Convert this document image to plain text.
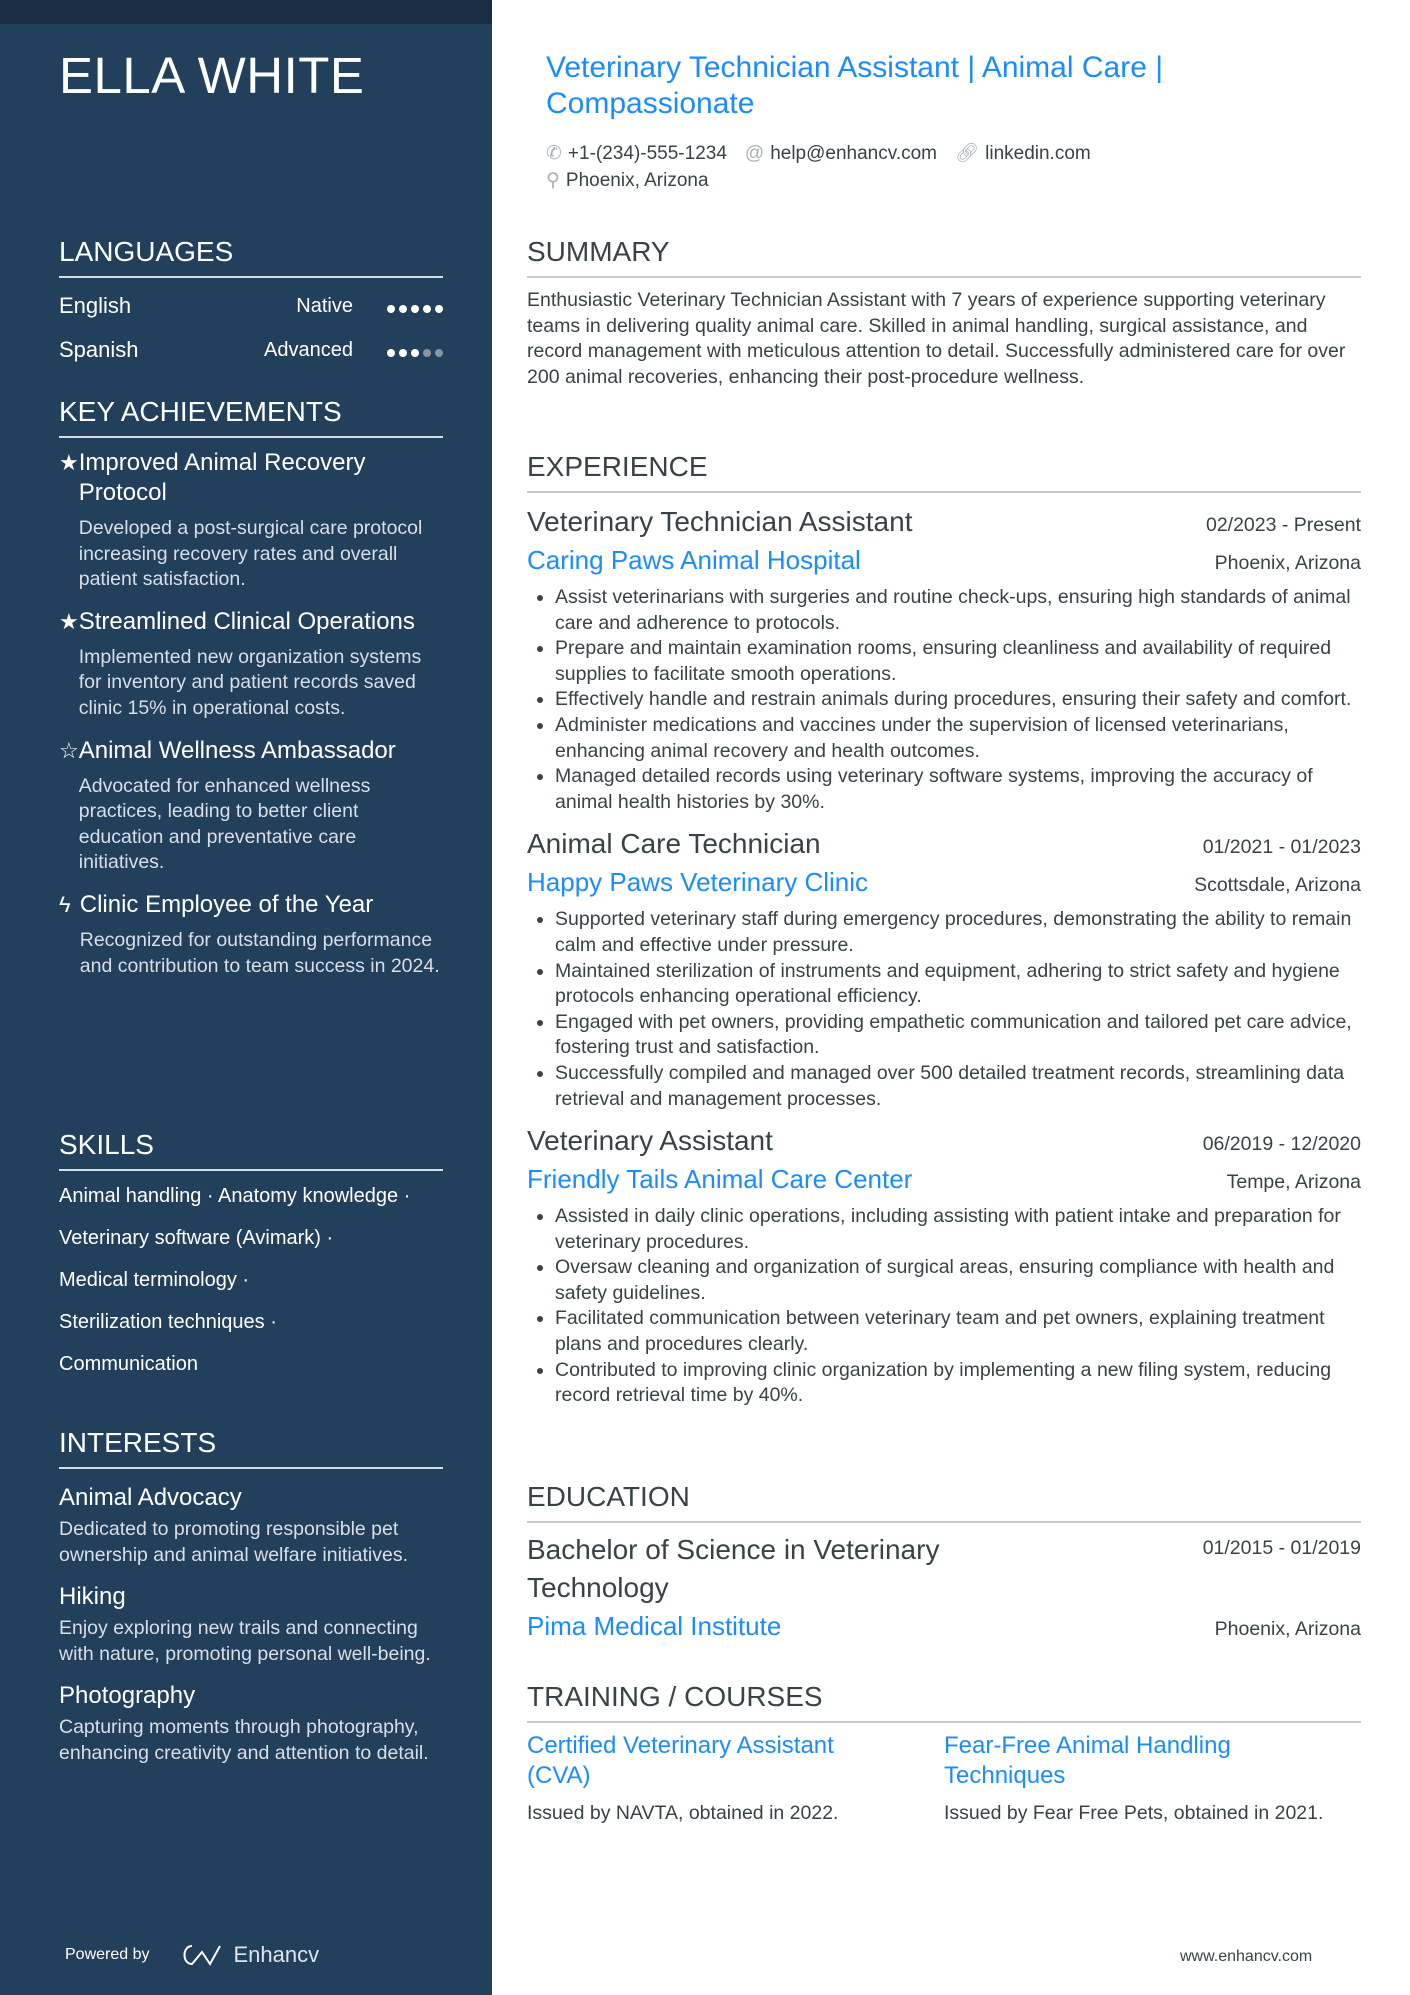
ELLA WHITE
LANGUAGES
English	Native
Spanish	Advanced
KEY ACHIEVEMENTS
★ Improved Animal Recovery Protocol
Developed a post-surgical care protocol increasing recovery rates and overall patient satisfaction.
★ Streamlined Clinical Operations
Implemented new organization systems for inventory and patient records saved clinic 15% in operational costs.
☆ Animal Wellness Ambassador
Advocated for enhanced wellness practices, leading to better client education and preventative care initiatives.
ϟ Clinic Employee of the Year
Recognized for outstanding performance and contribution to team success in 2024.
SKILLS
Animal handling · Anatomy knowledge ·
Veterinary software (Avimark) ·
Medical terminology ·
Sterilization techniques ·
Communication
INTERESTS
Animal Advocacy
Dedicated to promoting responsible pet ownership and animal welfare initiatives.
Hiking
Enjoy exploring new trails and connecting with nature, promoting personal well-being.
Photography
Capturing moments through photography, enhancing creativity and attention to detail.
Powered by	Enhancv
Veterinary Technician Assistant | Animal Care | Compassionate
✆ +1-(234)-555-1234 @ help@enhancv.com 🔗︎ linkedin.com
⚲ Phoenix, Arizona
SUMMARY
Enthusiastic Veterinary Technician Assistant with 7 years of experience supporting veterinary teams in delivering quality animal care. Skilled in animal handling, surgical assistance, and record management with meticulous attention to detail. Successfully administered care for over 200 animal recoveries, enhancing their post-procedure wellness.
EXPERIENCE
Veterinary Technician Assistant	02/2023 - Present
Caring Paws Animal Hospital	Phoenix, Arizona
• Assist veterinarians with surgeries and routine check-ups, ensuring high standards of animal care and adherence to protocols.
• Prepare and maintain examination rooms, ensuring cleanliness and availability of required supplies to facilitate smooth operations.
• Effectively handle and restrain animals during procedures, ensuring their safety and comfort.
• Administer medications and vaccines under the supervision of licensed veterinarians, enhancing animal recovery and health outcomes.
• Managed detailed records using veterinary software systems, improving the accuracy of animal health histories by 30%.
Animal Care Technician	01/2021 - 01/2023
Happy Paws Veterinary Clinic	Scottsdale, Arizona
• Supported veterinary staff during emergency procedures, demonstrating the ability to remain calm and effective under pressure.
• Maintained sterilization of instruments and equipment, adhering to strict safety and hygiene protocols enhancing operational efficiency.
• Engaged with pet owners, providing empathetic communication and tailored pet care advice, fostering trust and satisfaction.
• Successfully compiled and managed over 500 detailed treatment records, streamlining data retrieval and management processes.
Veterinary Assistant	06/2019 - 12/2020
Friendly Tails Animal Care Center	Tempe, Arizona
• Assisted in daily clinic operations, including assisting with patient intake and preparation for veterinary procedures.
• Oversaw cleaning and organization of surgical areas, ensuring compliance with health and safety guidelines.
• Facilitated communication between veterinary team and pet owners, explaining treatment plans and procedures clearly.
• Contributed to improving clinic organization by implementing a new filing system, reducing record retrieval time by 40%.
EDUCATION
Bachelor of Science in Veterinary Technology
01/2015 - 01/2019
Pima Medical Institute	Phoenix, Arizona
TRAINING / COURSES
Certified Veterinary Assistant (CVA)
Issued by NAVTA, obtained in 2022.
Fear-Free Animal Handling Techniques
Issued by Fear Free Pets, obtained in 2021.
www.enhancv.com
